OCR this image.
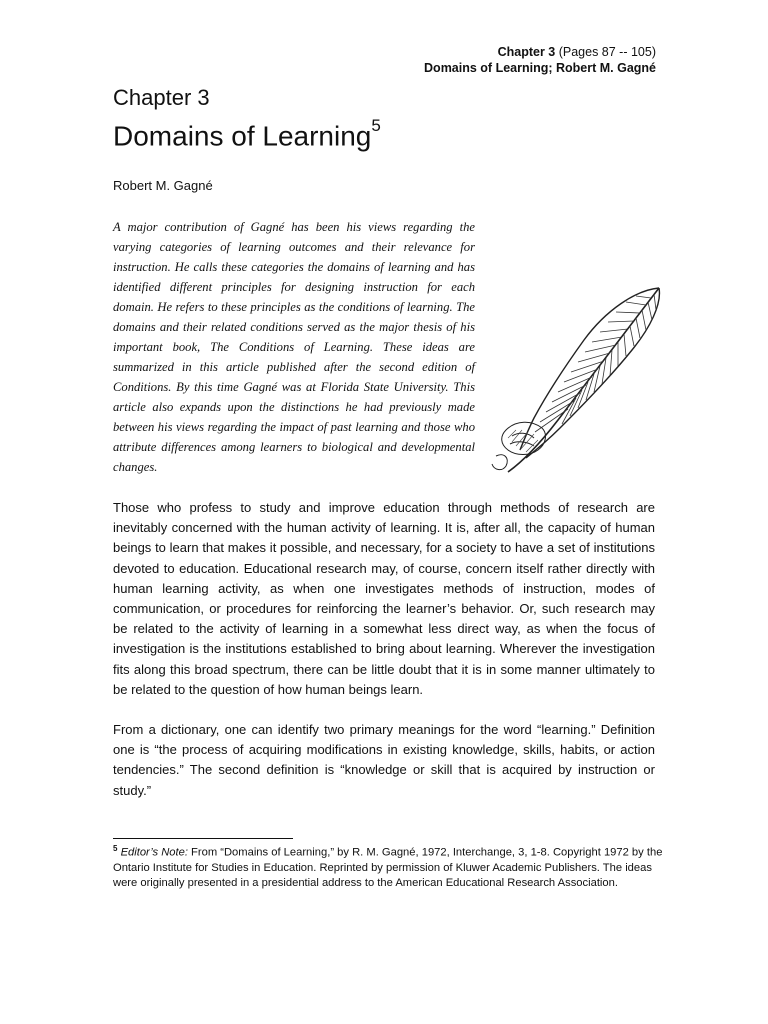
Chapter 3 (Pages 87 -- 105)
Domains of Learning; Robert M. Gagné
Chapter 3
Domains of Learning$^5$
Robert M. Gagné
A major contribution of Gagné has been his views regarding the varying categories of learning outcomes and their relevance for instruction. He calls these categories the domains of learning and has identified different principles for designing instruction for each domain. He refers to these principles as the conditions of learning. The domains and their related conditions served as the major thesis of his important book, The Conditions of Learning. These ideas are summarized in this article published after the second edition of Conditions. By this time Gagné was at Florida State University. This article also expands upon the distinctions he had previously made between his views regarding the impact of past learning and those who attribute differences among learners to biological and developmental changes.

Those who profess to study and improve education through methods of research are inevitably concerned with the human activity of learning. It is, after all, the capacity of human beings to learn that makes it possible, and necessary, for a society to have a set of institutions devoted to education. Educational research may, of course, concern itself rather directly with human learning activity, as when one investigates methods of instruction, modes of communication, or procedures for reinforcing the learner’s behavior. Or, such research may be related to the activity of learning in a somewhat less direct way, as when the focus of investigation is the institutions established to bring about learning. Wherever the investigation fits along this broad spectrum, there can be little doubt that it is in some manner ultimately to be related to the question of how human beings learn.

From a dictionary, one can identify two primary meanings for the word “learning.” Definition one is “the process of acquiring modifications in existing knowledge, skills, habits, or action tendencies.” The second definition is “knowledge or skill that is acquired by instruction or study.”

$^5$ Editor’s Note: From “Domains of Learning,” by R. M. Gagné, 1972, Interchange, 3, 1-8. Copyright 1972 by the Ontario Institute for Studies in Education. Reprinted by permission of Kluwer Academic Publishers. The ideas were originally presented in a presidential address to the American Educational Research Association.
